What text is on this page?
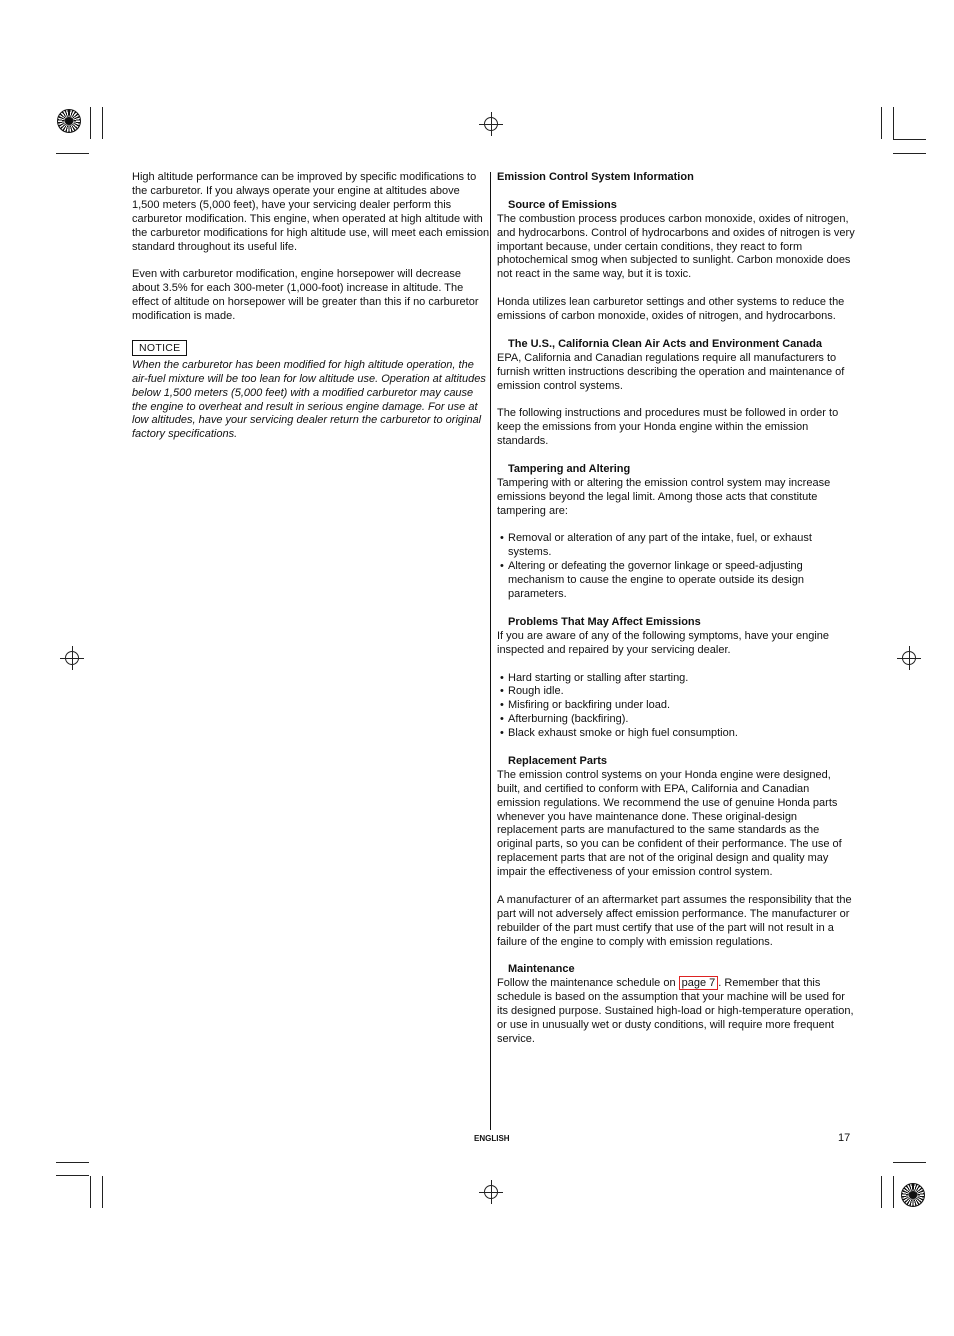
High altitude performance can be improved by specific modifications to the carburetor. If you always operate your engine at altitudes above 1,500 meters (5,000 feet), have your servicing dealer perform this carburetor modification. This engine, when operated at high altitude with the carburetor modifications for high altitude use, will meet each emission standard throughout its useful life.

Even with carburetor modification, engine horsepower will decrease about 3.5% for each 300-meter (1,000-foot) increase in altitude. The effect of altitude on horsepower will be greater than this if no carburetor modification is made.

NOTICE

When the carburetor has been modified for high altitude operation, the air-fuel mixture will be too lean for low altitude use. Operation at altitudes below 1,500 meters (5,000 feet) with a modified carburetor may cause the engine to overheat and result in serious engine damage. For use at low altitudes, have your servicing dealer return the carburetor to original factory specifications.

Emission Control System Information
Source of Emissions

The combustion process produces carbon monoxide, oxides of nitrogen, and hydrocarbons. Control of hydrocarbons and oxides of nitrogen is very important because, under certain conditions, they react to form photochemical smog when subjected to sunlight. Carbon monoxide does not react in the same way, but it is toxic.

Honda utilizes lean carburetor settings and other systems to reduce the emissions of carbon monoxide, oxides of nitrogen, and hydrocarbons.

The U.S., California Clean Air Acts and Environment Canada

EPA, California and Canadian regulations require all manufacturers to furnish written instructions describing the operation and maintenance of emission control systems.

The following instructions and procedures must be followed in order to keep the emissions from your Honda engine within the emission standards.

Tampering and Altering

Tampering with or altering the emission control system may increase emissions beyond the legal limit. Among those acts that constitute tampering are:

• Removal or alteration of any part of the intake, fuel, or exhaust systems.
• Altering or defeating the governor linkage or speed-adjusting mechanism to cause the engine to operate outside its design parameters.
Problems That May Affect Emissions

If you are aware of any of the following symptoms, have your engine inspected and repaired by your servicing dealer.

• Hard starting or stalling after starting.
• Rough idle.
• Misfiring or backfiring under load.
• Afterburning (backfiring).
• Black exhaust smoke or high fuel consumption.
Replacement Parts

The emission control systems on your Honda engine were designed, built, and certified to conform with EPA, California and Canadian emission regulations. We recommend the use of genuine Honda parts whenever you have maintenance done. These original-design replacement parts are manufactured to the same standards as the original parts, so you can be confident of their performance. The use of replacement parts that are not of the original design and quality may impair the effectiveness of your emission control system.

A manufacturer of an aftermarket part assumes the responsibility that the part will not adversely affect emission performance. The manufacturer or rebuilder of the part must certify that use of the part will not result in a failure of the engine to comply with emission regulations.

Maintenance

Follow the maintenance schedule on page 7 . Remember that this schedule is based on the assumption that your machine will be used for its designed purpose. Sustained high-load or high-temperature operation, or use in unusually wet or dusty conditions, will require more frequent service.

ENGLISH	17
